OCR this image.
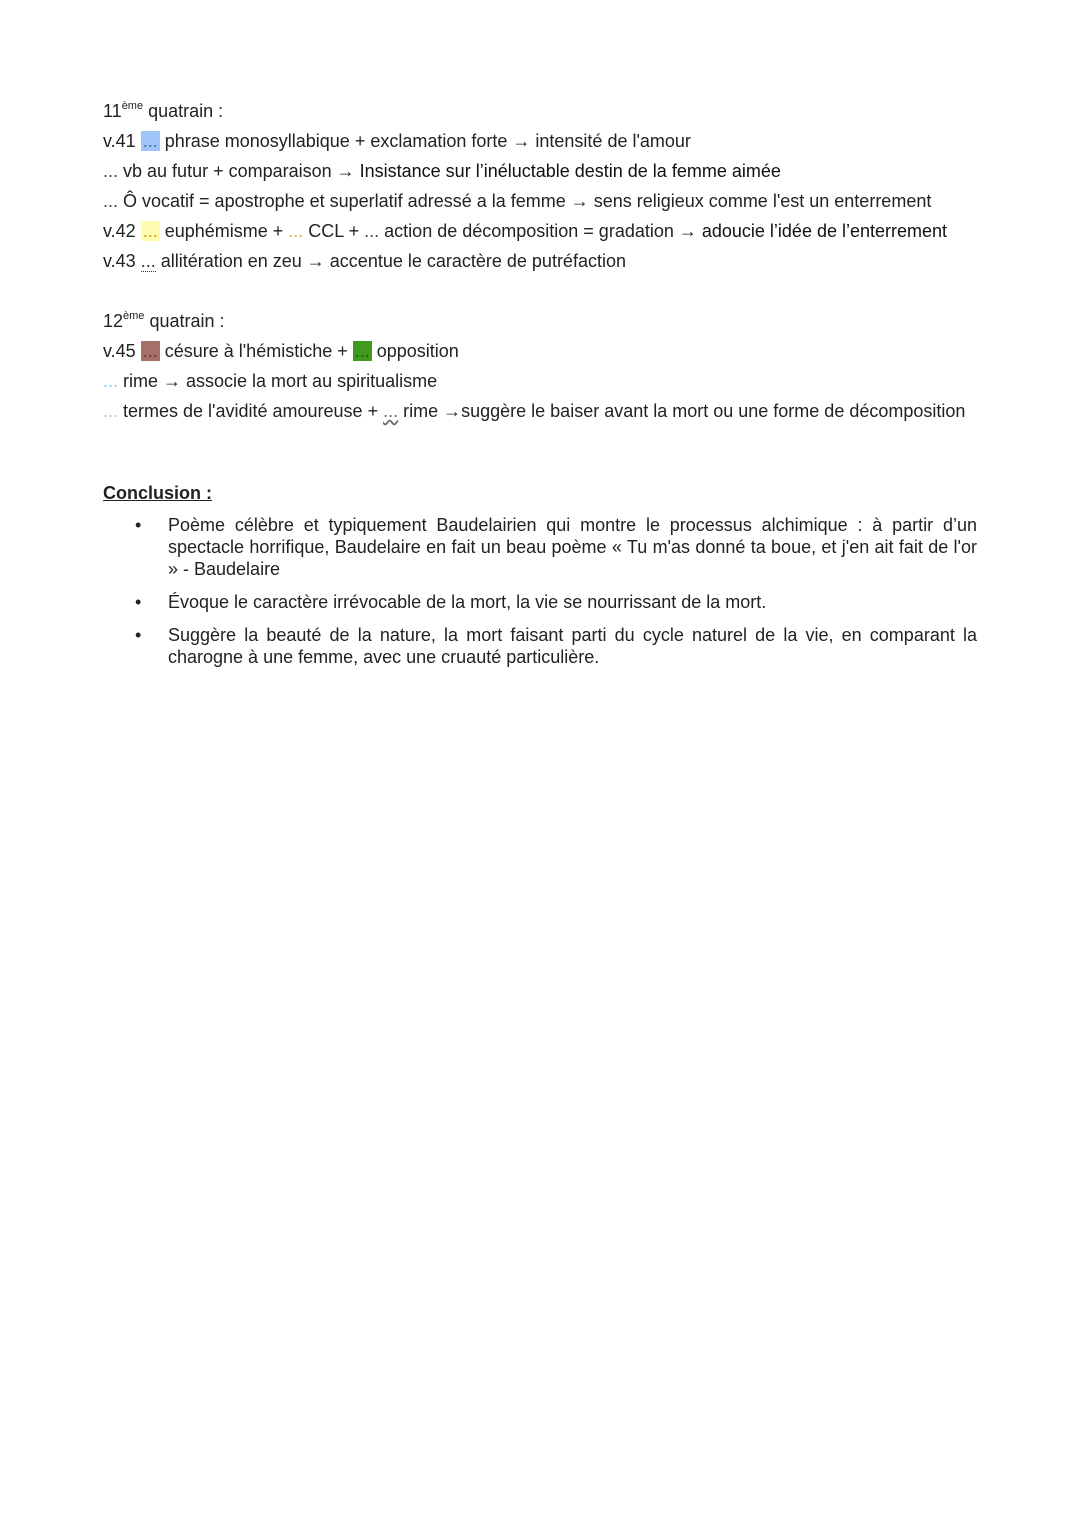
11ème quatrain :
v.41 ... phrase monosyllabique + exclamation forte → intensité de l'amour
... vb au futur + comparaison → Insistance sur l’inéluctable destin de la femme aimée
... Ô vocatif = apostrophe et superlatif adressé a la femme → sens religieux comme l'est un enterrement
v.42 ... euphémisme + ... CCL + ... action de décomposition = gradation → adoucie l’idée de l’enterrement
v.43 ... allitération en zeu → accentue le caractère de putréfaction
12ème quatrain :
v.45 ... césure à l'hémistiche + ... opposition
... rime → associe la mort au spiritualisme
... termes de l'avidité amoureuse + ... rime →suggère le baiser avant la mort ou une forme de décomposition
Conclusion :
• Poème célèbre et typiquement Baudelairien qui montre le processus alchimique : à partir d’un spectacle horrifique, Baudelaire en fait un beau poème « Tu m'as donné ta boue, et j'en ait fait de l'or » - Baudelaire
• Évoque le caractère irrévocable de la mort, la vie se nourrissant de la mort.
• Suggère la beauté de la nature, la mort faisant parti du cycle naturel de la vie, en comparant la charogne à une femme, avec une cruauté particulière.
